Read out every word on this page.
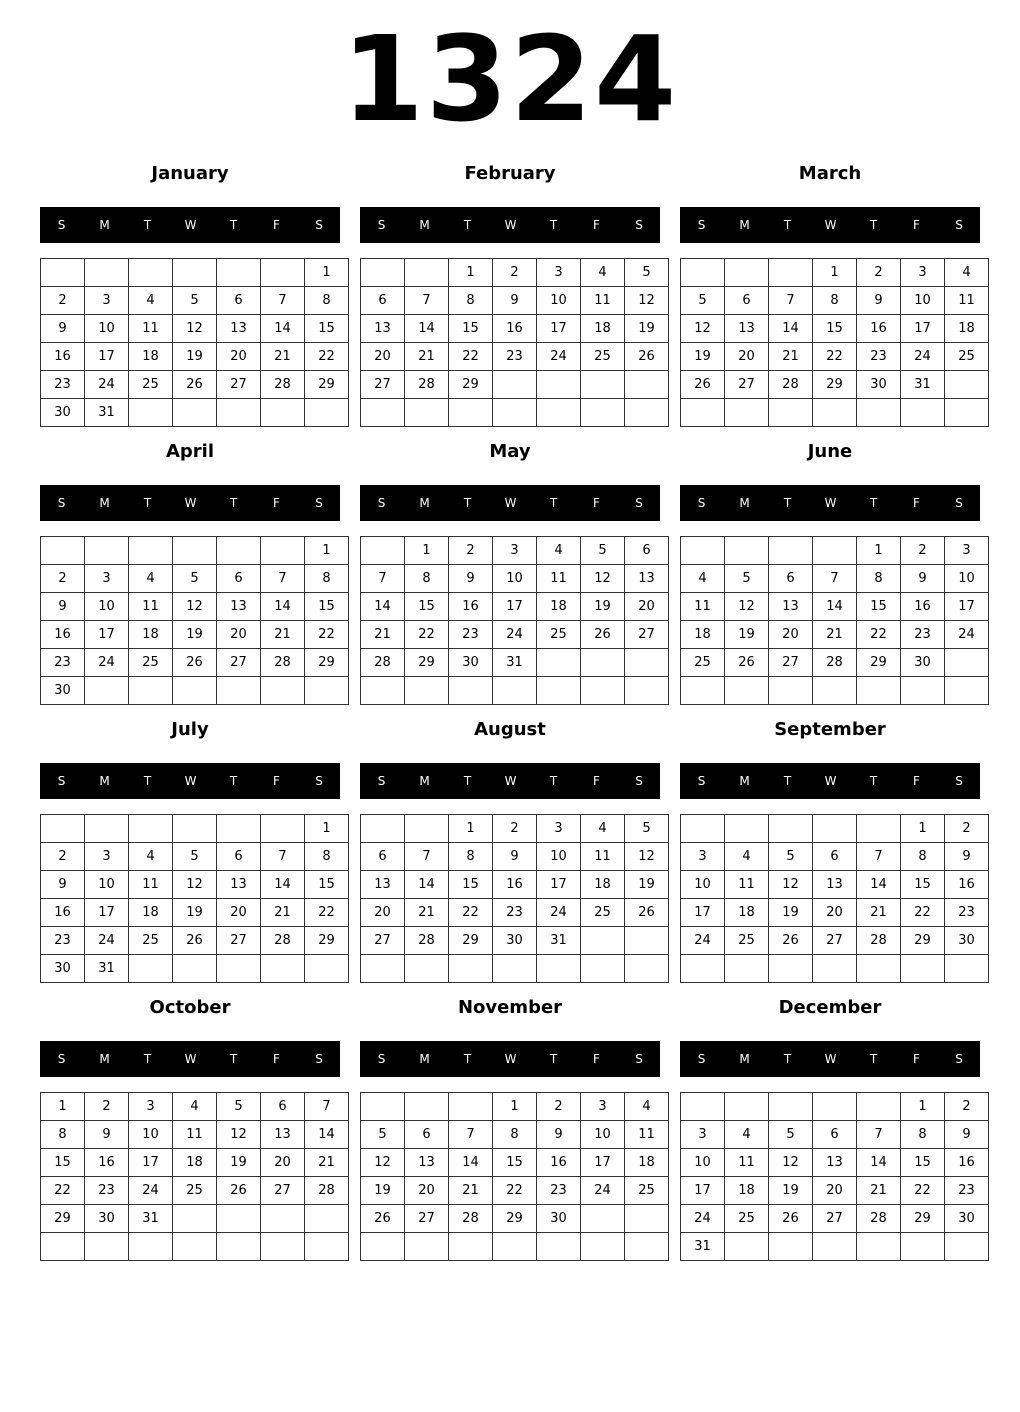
1324
January
S	M	T	W	T	F	S
						1
2	3	4	5	6	7	8
9	10	11	12	13	14	15
16	17	18	19	20	21	22
23	24	25	26	27	28	29
30	31					
February
S	M	T	W	T	F	S
		1	2	3	4	5
6	7	8	9	10	11	12
13	14	15	16	17	18	19
20	21	22	23	24	25	26
27	28	29				

March
S	M	T	W	T	F	S
			1	2	3	4
5	6	7	8	9	10	11
12	13	14	15	16	17	18
19	20	21	22	23	24	25
26	27	28	29	30	31	

April
S	M	T	W	T	F	S
						1
2	3	4	5	6	7	8
9	10	11	12	13	14	15
16	17	18	19	20	21	22
23	24	25	26	27	28	29
30						
May
S	M	T	W	T	F	S
	1	2	3	4	5	6
7	8	9	10	11	12	13
14	15	16	17	18	19	20
21	22	23	24	25	26	27
28	29	30	31			

June
S	M	T	W	T	F	S
				1	2	3
4	5	6	7	8	9	10
11	12	13	14	15	16	17
18	19	20	21	22	23	24
25	26	27	28	29	30	

July
S	M	T	W	T	F	S
						1
2	3	4	5	6	7	8
9	10	11	12	13	14	15
16	17	18	19	20	21	22
23	24	25	26	27	28	29
30	31					
August
S	M	T	W	T	F	S
		1	2	3	4	5
6	7	8	9	10	11	12
13	14	15	16	17	18	19
20	21	22	23	24	25	26
27	28	29	30	31		

September
S	M	T	W	T	F	S
					1	2
3	4	5	6	7	8	9
10	11	12	13	14	15	16
17	18	19	20	21	22	23
24	25	26	27	28	29	30

October
S	M	T	W	T	F	S
1	2	3	4	5	6	7
8	9	10	11	12	13	14
15	16	17	18	19	20	21
22	23	24	25	26	27	28
29	30	31				

November
S	M	T	W	T	F	S
			1	2	3	4
5	6	7	8	9	10	11
12	13	14	15	16	17	18
19	20	21	22	23	24	25
26	27	28	29	30		

December
S	M	T	W	T	F	S
					1	2
3	4	5	6	7	8	9
10	11	12	13	14	15	16
17	18	19	20	21	22	23
24	25	26	27	28	29	30
31						
